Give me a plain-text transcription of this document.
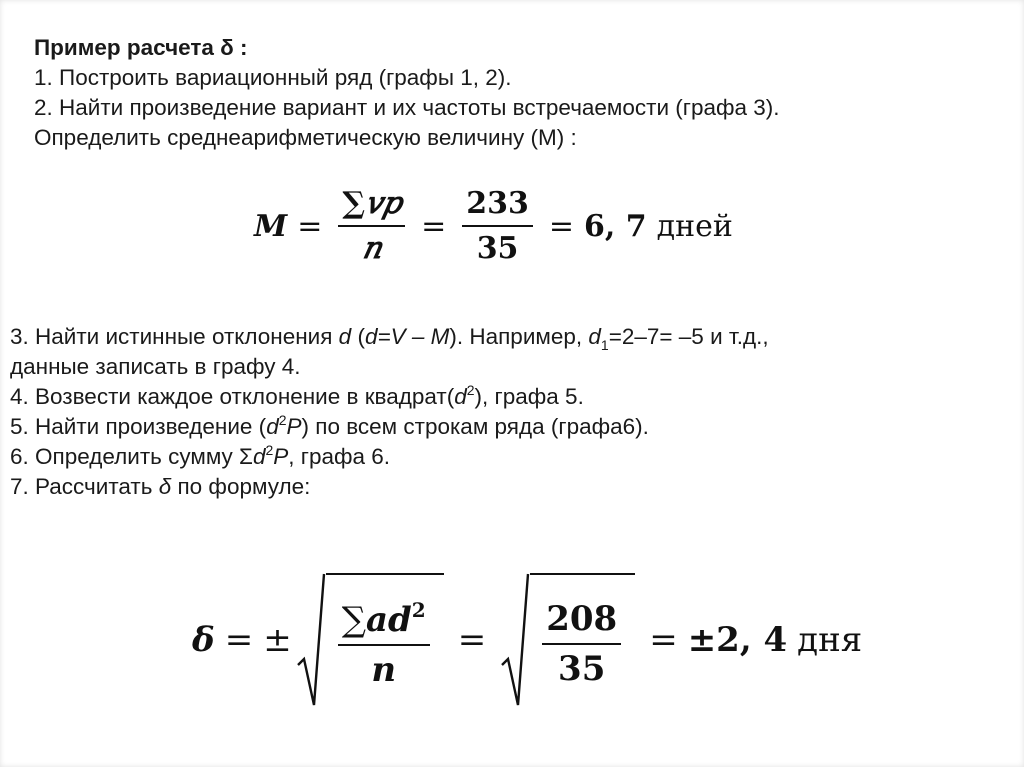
Пример расчета δ :
1. Построить вариационный ряд (графы 1, 2).
2. Найти произведение вариант и их частоты встречаемости (графа 3).
Определить среднеарифметическую величину (М) :
$M = \frac{\text{∑𝑣𝑝}}{\text{𝑛}} = \frac{233}{35} = 6$, 7 дней
3. Найти истинные отклонения d (d=V – M). Например, $d_1=2-7= -5$ и т.д.,
данные записать в графу 4.
4. Возвести каждое отклонение в $квадрат(d^2)$, графа 5.
5. Найти произведение $(d^2P)$ по всем строкам ряда (графа6).
6. Определить сумму $\Sigma d^2P$, графа 6.
7. Рассчитать δ по формуле:
δ = ± $\frac{\sum ad^2}{n} = \frac{208}{35} = \pm 2$, 4 дня
